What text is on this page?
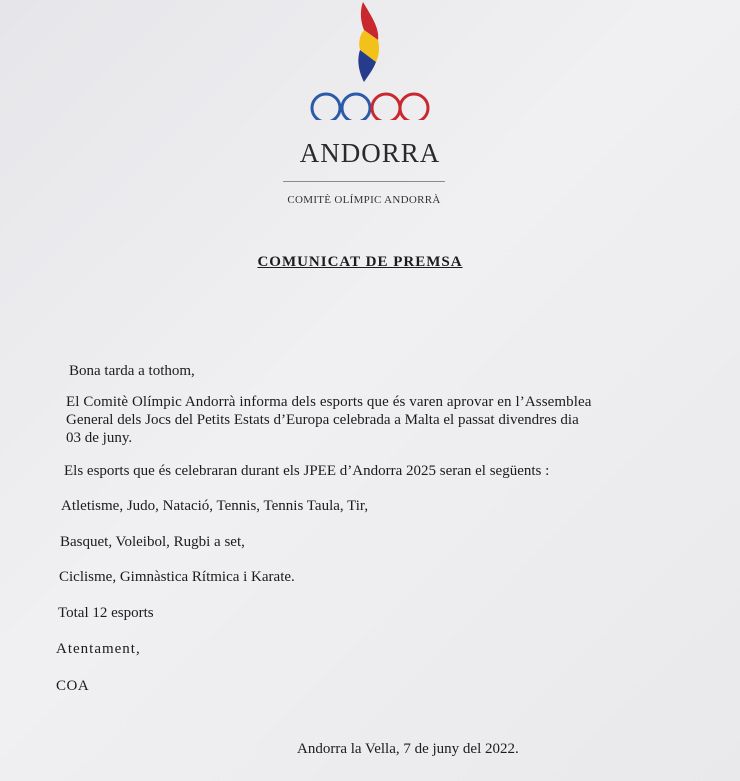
ANDORRA
COMITÈ OLÍMPIC ANDORRÀ
COMUNICAT DE PREMSA
Bona tarda a tothom,
El Comitè Olímpic Andorrà informa dels esports que és varen aprovar en l’Assemblea
General dels Jocs del Petits Estats d’Europa celebrada a Malta el passat divendres dia
03 de juny.
Els esports que és celebraran durant els JPEE d’Andorra 2025 seran el següents :
Atletisme, Judo, Natació, Tennis, Tennis Taula, Tir,
Basquet, Voleibol, Rugbi a set,
Ciclisme, Gimnàstica Rítmica i Karate.
Total 12 esports
Atentament,
COA
Andorra la Vella, 7 de juny del 2022.
